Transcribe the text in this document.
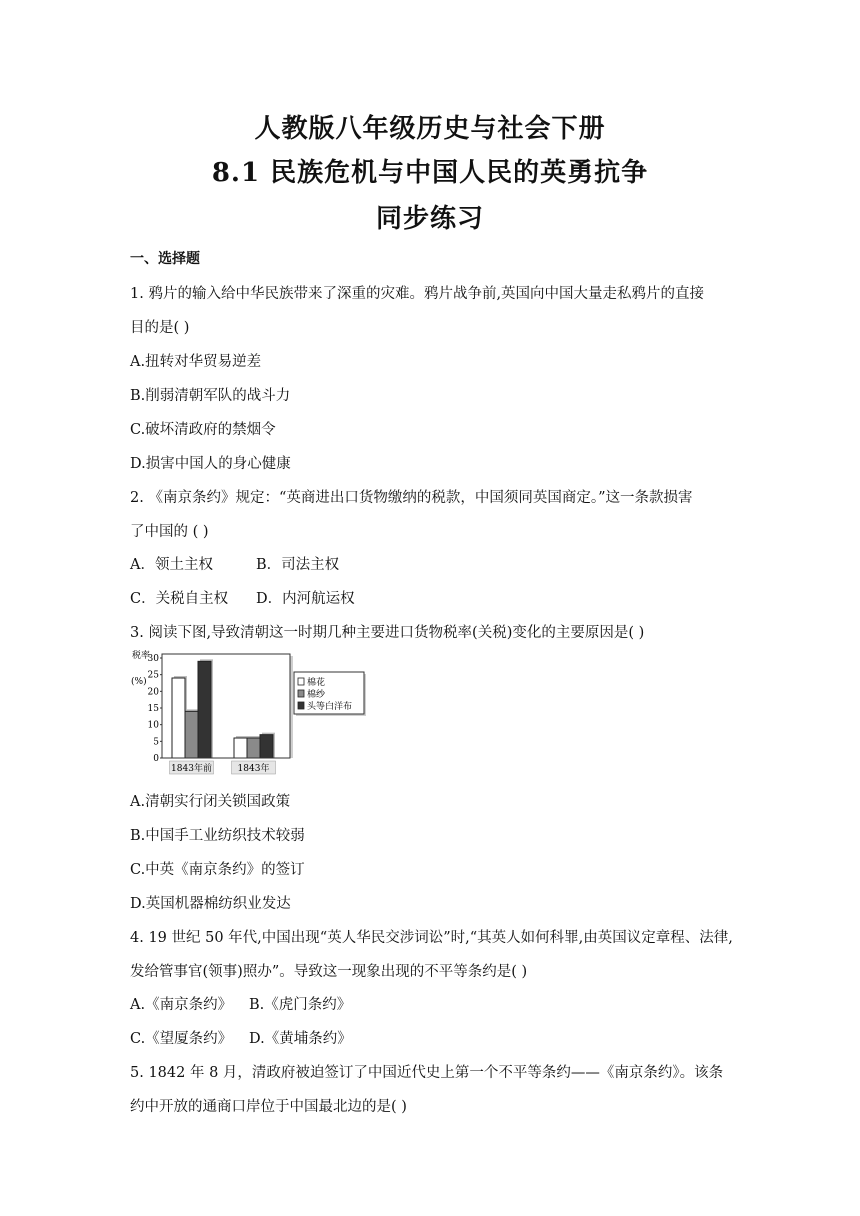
人教版八年级历史与社会下册
8.1 民族危机与中国人民的英勇抗争
同步练习
一、选择题
1. 鸦片的输入给中华民族带来了深重的灾难。鸦片战争前,英国向中国大量走私鸦片的直接
目的是( )
A.扭转对华贸易逆差
B.削弱清朝军队的战斗力
C.破坏清政府的禁烟令
D.损害中国人的身心健康
2. 《南京条约》规定：“英商进出口货物缴纳的税款，中国须同英国商定。”这一条款损害
了中国的 ( )
A．领土主权	B．司法主权
C．关税自主权 D．内河航运权
3. 阅读下图,导致清朝这一时期几种主要进口货物税率(关税)变化的主要原因是( )
税率
(%)
0
5
10
15
20
25
30
1843年前	1843年
棉花
棉纱
头等白洋布
A.清朝实行闭关锁国政策
B.中国手工业纺织技术较弱
C.中英《南京条约》的签订
D.英国机器棉纺织业发达
4. 19 世纪 50 年代,中国出现“英人华民交涉词讼”时,“其英人如何科罪,由英国议定章程、法律,
发给管事官(领事)照办”。导致这一现象出现的不平等条约是( )
A.《南京条约》 B.《虎门条约》
C.《望厦条约》 D.《黄埔条约》
5. 1842 年 8 月，清政府被迫签订了中国近代史上第一个不平等条约——《南京条约》。该条
约中开放的通商口岸位于中国最北边的是( )
